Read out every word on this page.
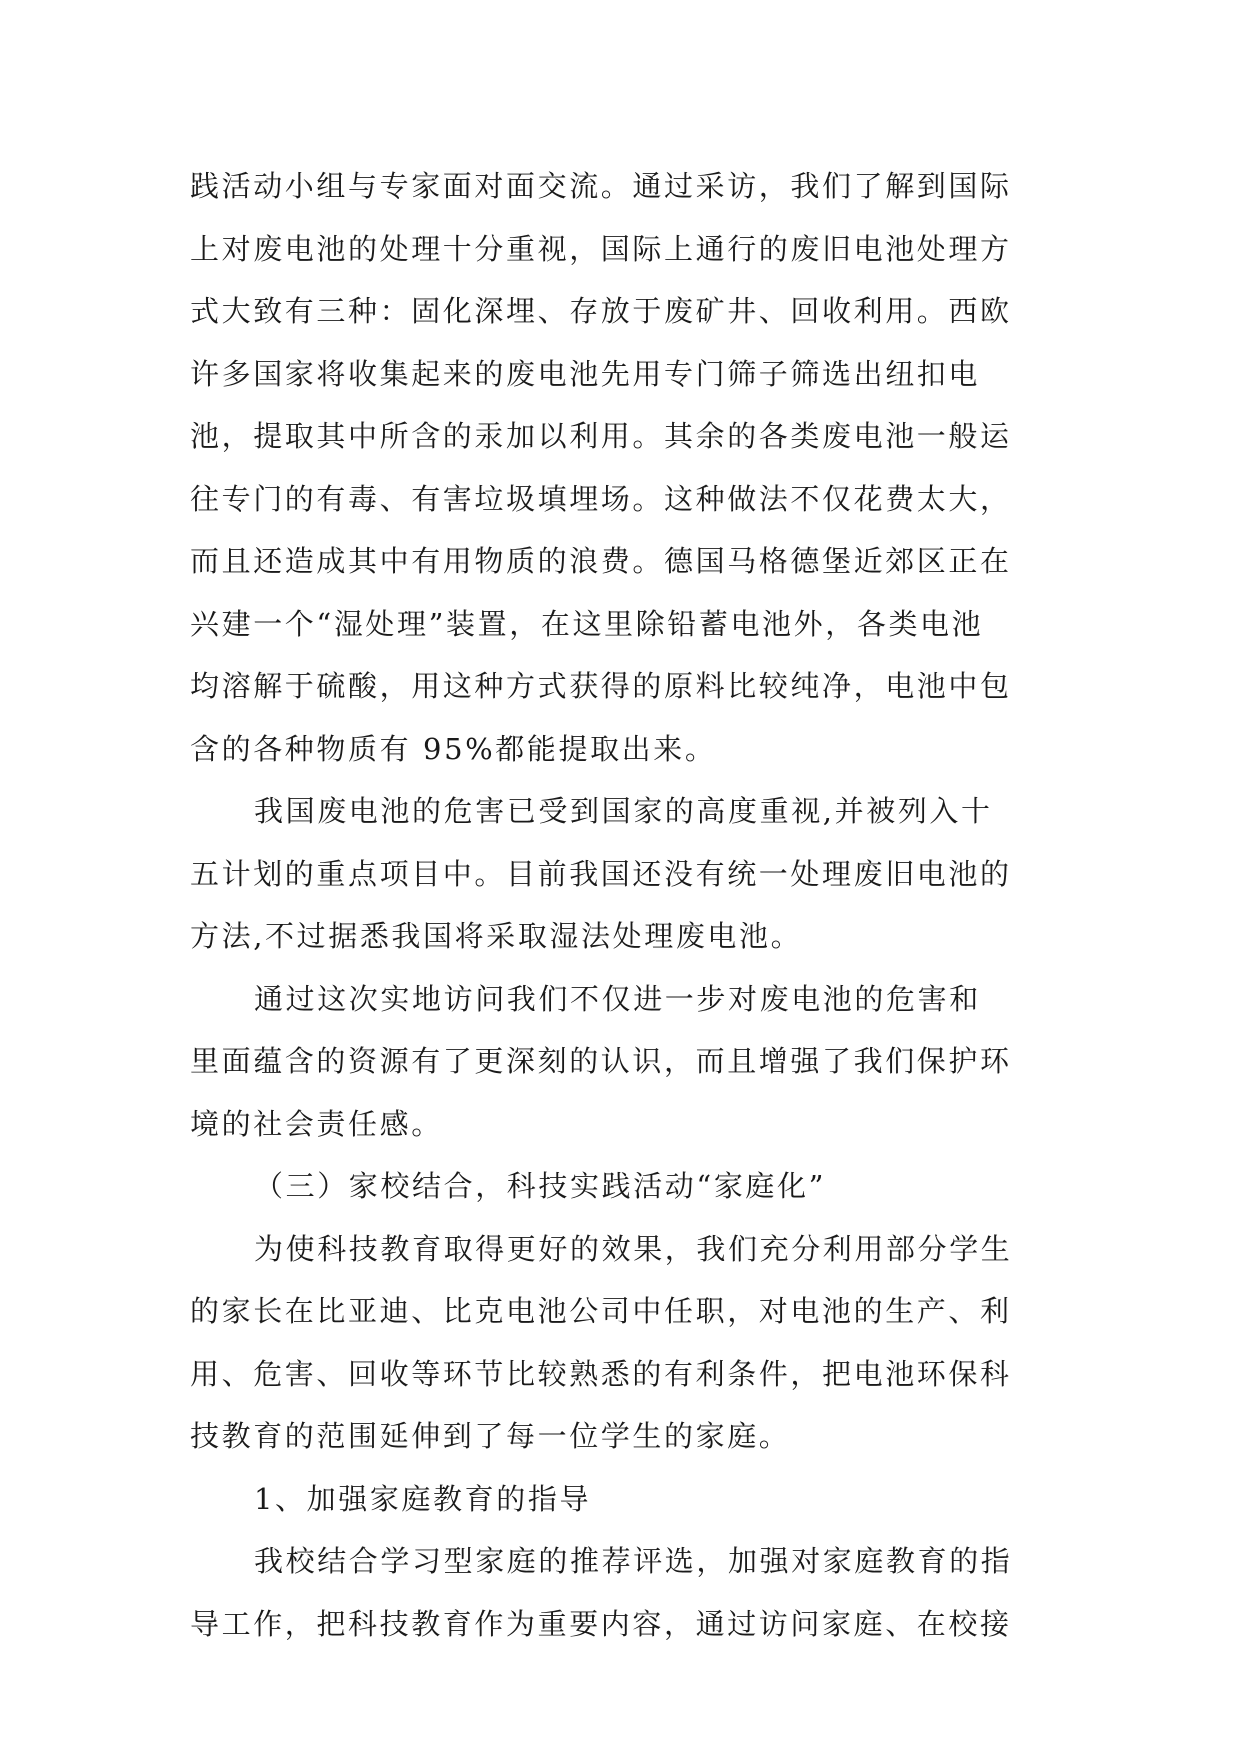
践活动小组与专家面对面交流。通过采访，我们了解到国际
上对废电池的处理十分重视，国际上通行的废旧电池处理方
式大致有三种：固化深埋、存放于废矿井、回收利用。西欧
许多国家将收集起来的废电池先用专门筛子筛选出纽扣电
池，提取其中所含的汞加以利用。其余的各类废电池一般运
往专门的有毒、有害垃圾填埋场。这种做法不仅花费太大，
而且还造成其中有用物质的浪费。德国马格德堡近郊区正在
兴建一个“湿处理”装置，在这里除铅蓄电池外，各类电池
均溶解于硫酸，用这种方式获得的原料比较纯净，电池中包
含的各种物质有 95%都能提取出来。
我国废电池的危害已受到国家的高度重视,并被列入十
五计划的重点项目中。目前我国还没有统一处理废旧电池的
方法,不过据悉我国将采取湿法处理废电池。
通过这次实地访问我们不仅进一步对废电池的危害和
里面蕴含的资源有了更深刻的认识，而且增强了我们保护环
境的社会责任感。
（三）家校结合，科技实践活动“家庭化”
为使科技教育取得更好的效果，我们充分利用部分学生
的家长在比亚迪、比克电池公司中任职，对电池的生产、利
用、危害、回收等环节比较熟悉的有利条件，把电池环保科
技教育的范围延伸到了每一位学生的家庭。
1、加强家庭教育的指导
我校结合学习型家庭的推荐评选，加强对家庭教育的指
导工作，把科技教育作为重要内容，通过访问家庭、在校接
